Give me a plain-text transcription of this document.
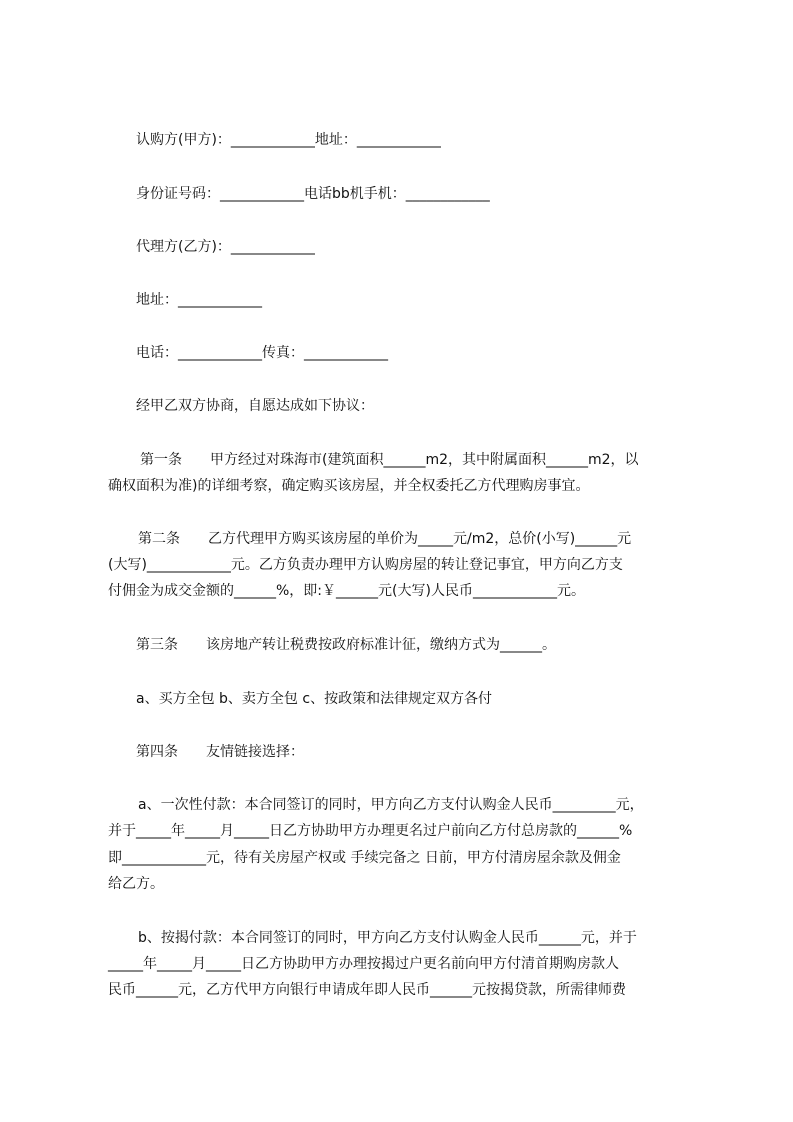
认购方(甲方)：____________地址：____________
身份证号码：____________电话bb机手机：____________
代理方(乙方)：____________
地址：____________
电话：____________传真：____________
经甲乙双方协商，自愿达成如下协议：
第一条　　甲方经过对珠海市(建筑面积______m2，其中附属面积______m2，以
确权面积为准)的详细考察，确定购买该房屋，并全权委托乙方代理购房事宜。
第二条　　乙方代理甲方购买该房屋的单价为_____元/m2，总价(小写)______元
(大写)____________元。乙方负责办理甲方认购房屋的转让登记事宜，甲方向乙方支
付佣金为成交金额的______%，即:￥______元(大写)人民币____________元。
第三条　　该房地产转让税费按政府标准计征，缴纳方式为______。
a、买方全包 b、卖方全包 c、按政策和法律规定双方各付
第四条　　友情链接选择：
a、一次性付款：本合同签订的同时，甲方向乙方支付认购金人民币_________元，
并于_____年_____月_____日乙方协助甲方办理更名过户前向乙方付总房款的______%
即____________元，待有关房屋产权或 手续完备之 日前，甲方付清房屋余款及佣金
给乙方。
b、按揭付款：本合同签订的同时，甲方向乙方支付认购金人民币______元，并于
_____年_____月_____日乙方协助甲方办理按揭过户更名前向甲方付清首期购房款人
民币______元，乙方代甲方向银行申请成年即人民币______元按揭贷款，所需律师费
